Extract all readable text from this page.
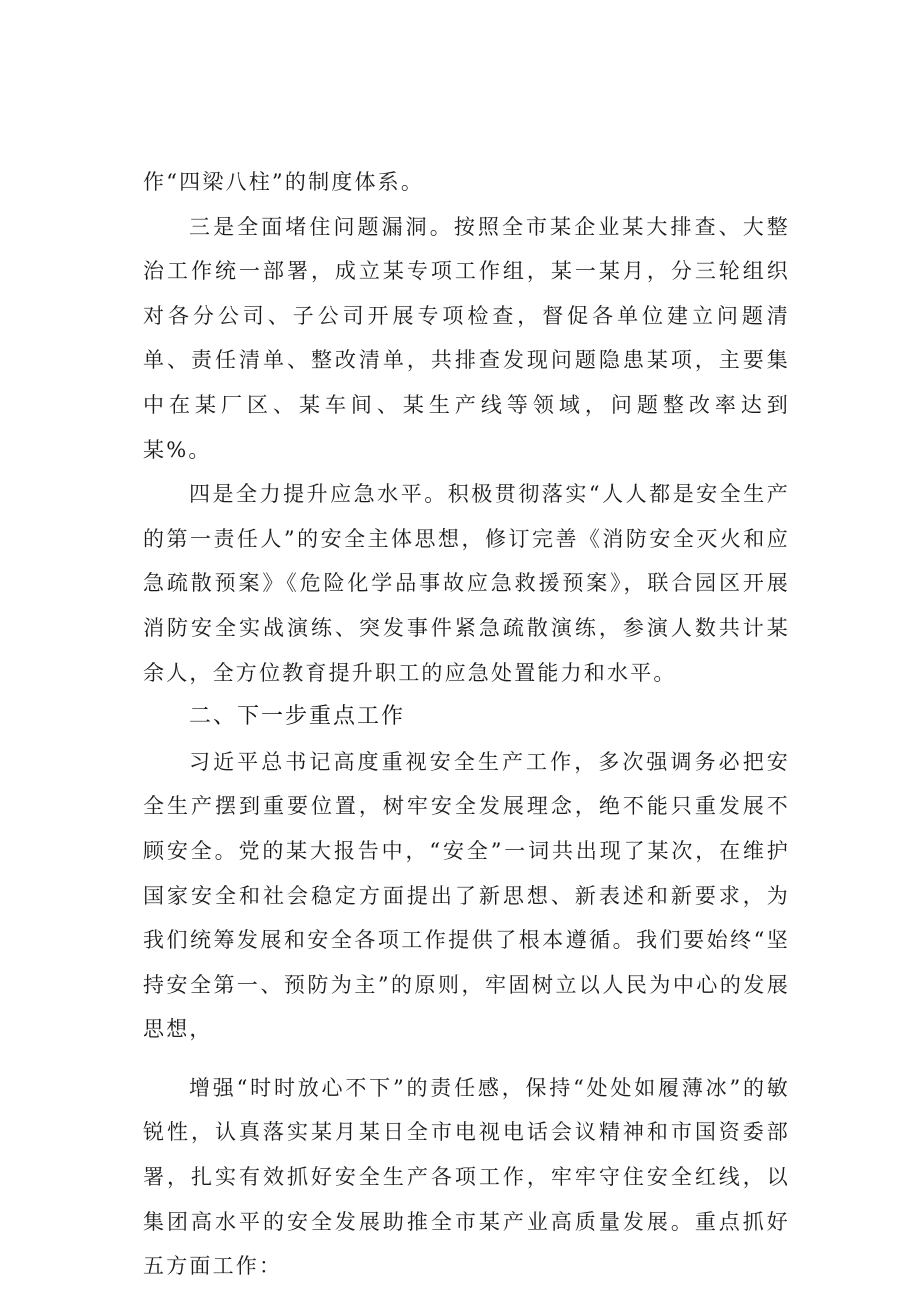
作“四梁八柱”的制度体系。

三是全面堵住问题漏洞。按照全市某企业某大排查、大整治工作统一部署，成立某专项工作组，某一某月，分三轮组织对各分公司、子公司开展专项检查，督促各单位建立问题清单、责任清单、整改清单，共排查发现问题隐患某项，主要集中在某厂区、某车间、某生产线等领域，问题整改率达到某%。

四是全力提升应急水平。积极贯彻落实“人人都是安全生产的第一责任人”的安全主体思想，修订完善《消防安全灭火和应急疏散预案》《危险化学品事故应急救援预案》，联合园区开展消防安全实战演练、突发事件紧急疏散演练，参演人数共计某余人，全方位教育提升职工的应急处置能力和水平。

二、下一步重点工作

习近平总书记高度重视安全生产工作，多次强调务必把安全生产摆到重要位置，树牢安全发展理念，绝不能只重发展不顾安全。党的某大报告中，“安全”一词共出现了某次，在维护国家安全和社会稳定方面提出了新思想、新表述和新要求，为我们统筹发展和安全各项工作提供了根本遵循。我们要始终“坚持安全第一、预防为主”的原则，牢固树立以人民为中心的发展思想，

增强“时时放心不下”的责任感，保持“处处如履薄冰”的敏锐性，认真落实某月某日全市电视电话会议精神和市国资委部署，扎实有效抓好安全生产各项工作，牢牢守住安全红线，以集团高水平的安全发展助推全市某产业高质量发展。重点抓好五方面工作：
